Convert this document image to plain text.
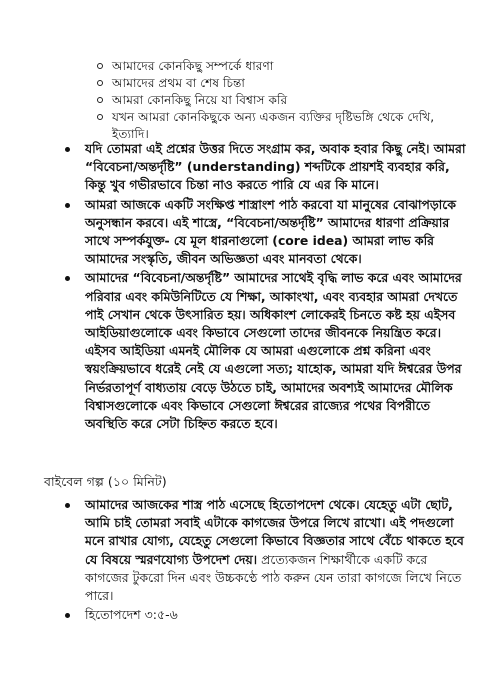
আমাদের কোনকিছু সম্পর্কে ধারণা
আমাদের প্রথম বা শেষ চিন্তা
আমরা কোনকিছু নিয়ে যা বিশ্বাস করি
যখন আমরা কোনকিছুকে অন্য একজন ব্যক্তির দৃষ্টিভঙ্গি থেকে দেখি, ইত্যাদি।
যদি তোমরা এই প্রশ্নের উত্তর দিতে সংগ্রাম কর, অবাক হবার কিছু নেই। আমরা “বিবেচনা/অন্তর্দৃষ্টি” (understanding) শব্দটিকে প্রায়শই ব্যবহার করি, কিন্তু খুব গভীরভাবে চিন্তা নাও করতে পারি যে এর কি মানে।
আমরা আজকে একটি সংক্ষিপ্ত শাস্ত্রাংশ পাঠ করবো যা মানুষের বোঝাপড়াকে অনুসন্ধান করবে। এই শাস্ত্রে, “বিবেচনা/অন্তর্দৃষ্টি” আমাদের ধারণা প্রক্রিয়ার সাথে সম্পর্কযুক্ত- যে মূল ধারনাগুলো (core idea) আমরা লাভ করি আমাদের সংস্কৃতি, জীবন অভিজ্ঞতা এবং মানবতা থেকে।
আমাদের “বিবেচনা/অন্তর্দৃষ্টি” আমাদের সাথেই বৃদ্ধি লাভ করে এবং আমাদের পরিবার এবং কমিউনিটিতে যে শিক্ষা, আকাংখা, এবং ব্যবহার আমরা দেখতে পাই সেখান থেকে উৎসারিত হয়। অধিকাংশ লোকেরই চিনতে কষ্ট হয় এইসব আইডিয়াগুলোকে এবং কিভাবে সেগুলো তাদের জীবনকে নিয়ন্ত্রিত করে। এইসব আইডিয়া এমনই মৌলিক যে আমরা এগুলোকে প্রশ্ন করিনা এবং স্বয়ংক্রিয়ভাবে ধরেই নেই যে এগুলো সত্য; যাহোক, আমরা যদি ঈশ্বরের উপর নির্ভরতাপূর্ণ বাধ্যতায় বেড়ে উঠতে চাই, আমাদের অবশ্যই আমাদের মৌলিক বিশ্বাসগুলোকে এবং কিভাবে সেগুলো ঈশ্বরের রাজ্যের পথের বিপরীতে অবস্থিতি করে সেটা চিহ্নিত করতে হবে।
বাইবেল গল্প (১০ মিনিট)
আমাদের আজকের শাস্ত্র পাঠ এসেছে হিতোপদেশ থেকে। যেহেতু এটা ছোট, আমি চাই তোমরা সবাই এটাকে কাগজের উপরে লিখে রাখো। এই পদগুলো মনে রাখার যোগ্য, যেহেতু সেগুলো কিভাবে বিজ্ঞতার সাথে বেঁচে থাকতে হবে যে বিষয়ে স্মরণযোগ্য উপদেশ দেয়। প্রত্যেকজন শিক্ষার্থীকে একটি করে কাগজের টুকরো দিন এবং উচ্চকণ্ঠে পাঠ করুন যেন তারা কাগজে লিখে নিতে পারে।
হিতোপদেশ ৩:৫-৬
